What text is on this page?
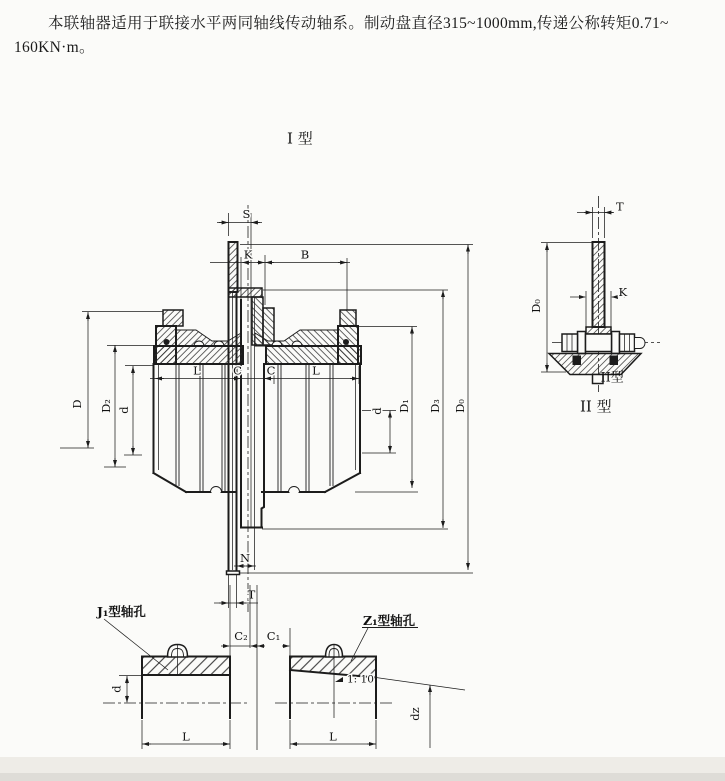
本联轴器适用于联接水平两同轴线传动轴系。制动盘直径315~1000mm,传递公称转矩0.71~
160KN·m。
S
K	B
L	C C	L
D D₂ d	d D₁ D₃ D₀
N
T
I 型
T
K
D₀
II型
II 型
C₂ C₁
d
L
1: 10
L
dz
J₁型轴孔
Z₁型轴孔
